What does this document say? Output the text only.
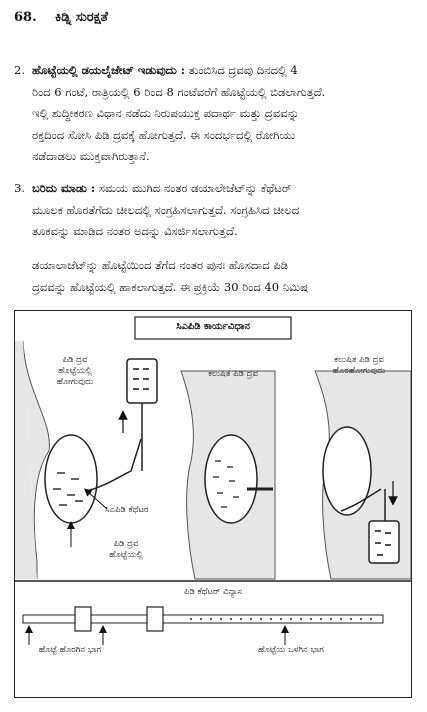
68. ಕಿಡ್ನಿ ಸುರಕ್ಷತೆ
2. ಹೊಟ್ಟೆಯಲ್ಲಿ ಡಯಲೈಜೇಟ್ ಇಡುವುದು : ತುಂಬಿಸಿದ ದ್ರವವು ದಿನದಲ್ಲಿ 4
ರಿಂದ 6 ಗಂಟೆ, ರಾತ್ರಿಯಲ್ಲಿ 6 ರಿಂದ 8 ಗಂಟೆವರೆಗೆ ಹೊಟ್ಟೆಯಲ್ಲಿ ಬಿಡಲಾಗುತ್ತದೆ.
ಇಲ್ಲಿ ಶುದ್ಧೀಕರಣ ವಿಧಾನ ನಡೆದು ನಿರುಪಯುಕ್ತ ಪದಾರ್ಥ ಮತ್ತು ದ್ರವವನ್ನು
ರಕ್ತದಿಂದ ಸೋಸಿ ಪಿಡಿ ದ್ರವಕ್ಕೆ ಹೋಗುತ್ತದೆ. ಈ ಸಂದರ್ಭದಲ್ಲಿ ರೋಗಿಯು
ನಡೆದಾಡಲು ಮುಕ್ತವಾಗಿರುತ್ತಾನೆ.
3. ಬರಿದು ಮಾಡು : ಸಮಯ ಮುಗಿದ ನಂತರ ಡಯಾಲೇಜೆಟ್‌ನ್ನು ಕೆಥೆಟರ್
ಮೂಲಕ ಹೊರತೆಗೆದು ಚೀಲದಲ್ಲಿ ಸಂಗ್ರಹಿಸಲಾಗುತ್ತದೆ. ಸಂಗ್ರಹಿಸಿದ ಚೀಲದ
ತೂಕವನ್ನು ಮಾಡಿದ ನಂತರ ಅದನ್ನು ವಿಸರ್ಜಿಸಲಾಗುತ್ತದೆ.
ಡಯಾಲಾಜೆಟ್‌ನ್ನು ಹೊಟ್ಟೆಯಿಂದ ತೆಗೆದ ನಂತರ ಪುನಃ ಹೊಸದಾದ ಪಿಡಿ
ದ್ರವವನ್ನು ಹೊಟ್ಟೆಯಲ್ಲಿ ಹಾಕಲಾಗುತ್ತದೆ. ಈ ಪ್ರಕ್ರಿಯೆ 30 ರಿಂದ 40 ನಿಮಿಷ
ಸಿಎಪಿಡಿ ಕಾರ್ಯವಿಧಾನ
ಪಿಡಿ ದ್ರವ
ಹೊಟ್ಟೆಯಲ್ಲಿ
ಹೋಗುವುದು
ಕಲುಷಿತ ಪಿಡಿ ದ್ರವ
ಕಲುಷಿತ ಪಿಡಿ ದ್ರವ
ಹೊರಹೋಗುವುದು
ಸಿಎಪಿಡಿ ಕೆಥೆಟರ
ಪಿಡಿ ದ್ರವ
ಹೊಟ್ಟೆಯಲ್ಲಿ
ಪಿಡಿ ಕೆಥೆಟರ್ ವಿನ್ಯಾಸ
ಹೊಟ್ಟೆ ಹೊರಗಿನ ಭಾಗ	ಹೊಟ್ಟೆಯ ಒಳಗಿನ ಭಾಗ
